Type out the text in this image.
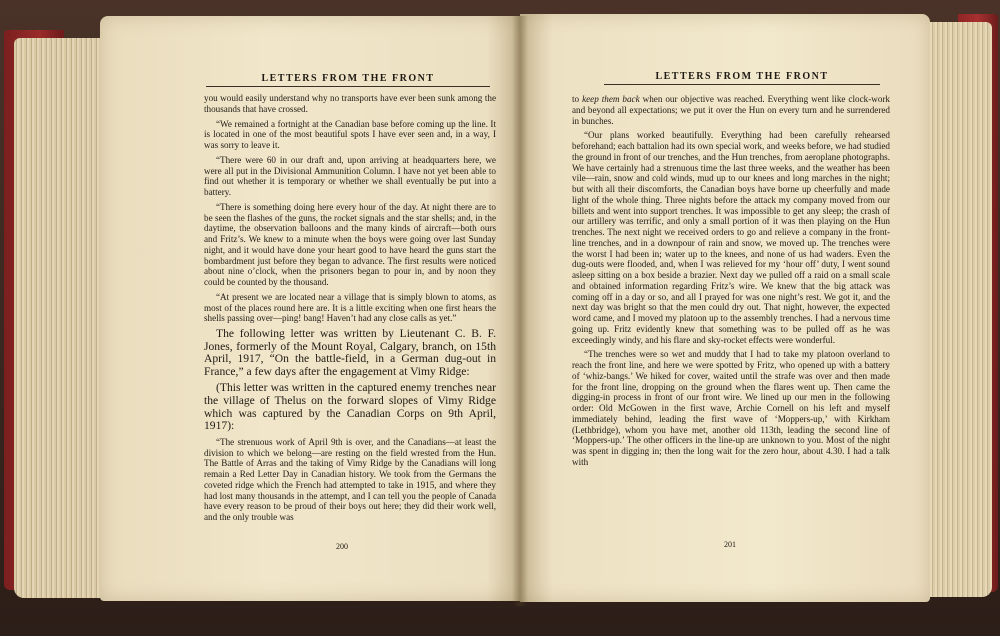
LETTERS FROM THE FRONT

you would easily understand why no transports have ever been sunk among the thousands that have crossed.

“We remained a fortnight at the Canadian base before coming up the line. It is located in one of the most beautiful spots I have ever seen and, in a way, I was sorry to leave it.

“There were 60 in our draft and, upon arriving at headquarters here, we were all put in the Divisional Ammunition Column. I have not yet been able to find out whether it is temporary or whether we shall eventually be put into a battery.

“There is something doing here every hour of the day. At night there are to be seen the flashes of the guns, the rocket signals and the star shells; and, in the daytime, the observation balloons and the many kinds of aircraft—both ours and Fritz’s. We knew to a minute when the boys were going over last Sunday night, and it would have done your heart good to have heard the guns start the bombardment just before they began to advance. The first results were noticed about nine o’clock, when the prisoners began to pour in, and by noon they could be counted by the thousand.

“At present we are located near a village that is simply blown to atoms, as most of the places round here are. It is a little exciting when one first hears the shells passing over—ping! bang! Haven’t had any close calls as yet.”

The following letter was written by Lieutenant C. B. F. Jones, formerly of the Mount Royal, Calgary, branch, on 15th April, 1917, “On the battle-field, in a German dug-out in France,” a few days after the engagement at Vimy Ridge:

(This letter was written in the captured enemy trenches near the village of Thelus on the forward slopes of Vimy Ridge which was captured by the Canadian Corps on 9th April, 1917):

“The strenuous work of April 9th is over, and the Canadians—at least the division to which we belong—are resting on the field wrested from the Hun. The Battle of Arras and the taking of Vimy Ridge by the Canadians will long remain a Red Letter Day in Canadian history. We took from the Germans the coveted ridge which the French had attempted to take in 1915, and where they had lost many thousands in the attempt, and I can tell you the people of Canada have every reason to be proud of their boys out here; they did their work well, and the only trouble was

200
LETTERS FROM THE FRONT

to keep them back when our objective was reached. Everything went like clock-work and beyond all expectations; we put it over the Hun on every turn and he surrendered in bunches.

“Our plans worked beautifully. Everything had been carefully rehearsed beforehand; each battalion had its own special work, and weeks before, we had studied the ground in front of our trenches, and the Hun trenches, from aeroplane photographs. We have certainly had a strenuous time the last three weeks, and the weather has been vile—rain, snow and cold winds, mud up to our knees and long marches in the night; but with all their discomforts, the Canadian boys have borne up cheerfully and made light of the whole thing. Three nights before the attack my company moved from our billets and went into support trenches. It was impossible to get any sleep; the crash of our artillery was terrific, and only a small portion of it was then playing on the Hun trenches. The next night we received orders to go and relieve a company in the front-line trenches, and in a downpour of rain and snow, we moved up. The trenches were the worst I had been in; water up to the knees, and none of us had waders. Even the dug-outs were flooded, and, when I was relieved for my ‘hour off’ duty, I went sound asleep sitting on a box beside a brazier. Next day we pulled off a raid on a small scale and obtained information regarding Fritz’s wire. We knew that the big attack was coming off in a day or so, and all I prayed for was one night’s rest. We got it, and the next day was bright so that the men could dry out. That night, however, the expected word came, and I moved my platoon up to the assembly trenches. I had a nervous time going up. Fritz evidently knew that something was to be pulled off as he was exceedingly windy, and his flare and sky-rocket effects were wonderful.

“The trenches were so wet and muddy that I had to take my platoon overland to reach the front line, and here we were spotted by Fritz, who opened up with a battery of ‘whiz-bangs.’ We hiked for cover, waited until the strafe was over and then made for the front line, dropping on the ground when the flares went up. Then came the digging-in process in front of our front wire. We lined up our men in the following order: Old McGowen in the first wave, Archie Cornell on his left and myself immediately behind, leading the first wave of ‘Moppers-up,’ with Kirkham (Lethbridge), whom you have met, another old 113th, leading the second line of ‘Moppers-up.’ The other officers in the line-up are unknown to you. Most of the night was spent in digging in; then the long wait for the zero hour, about 4.30. I had a talk with

201
